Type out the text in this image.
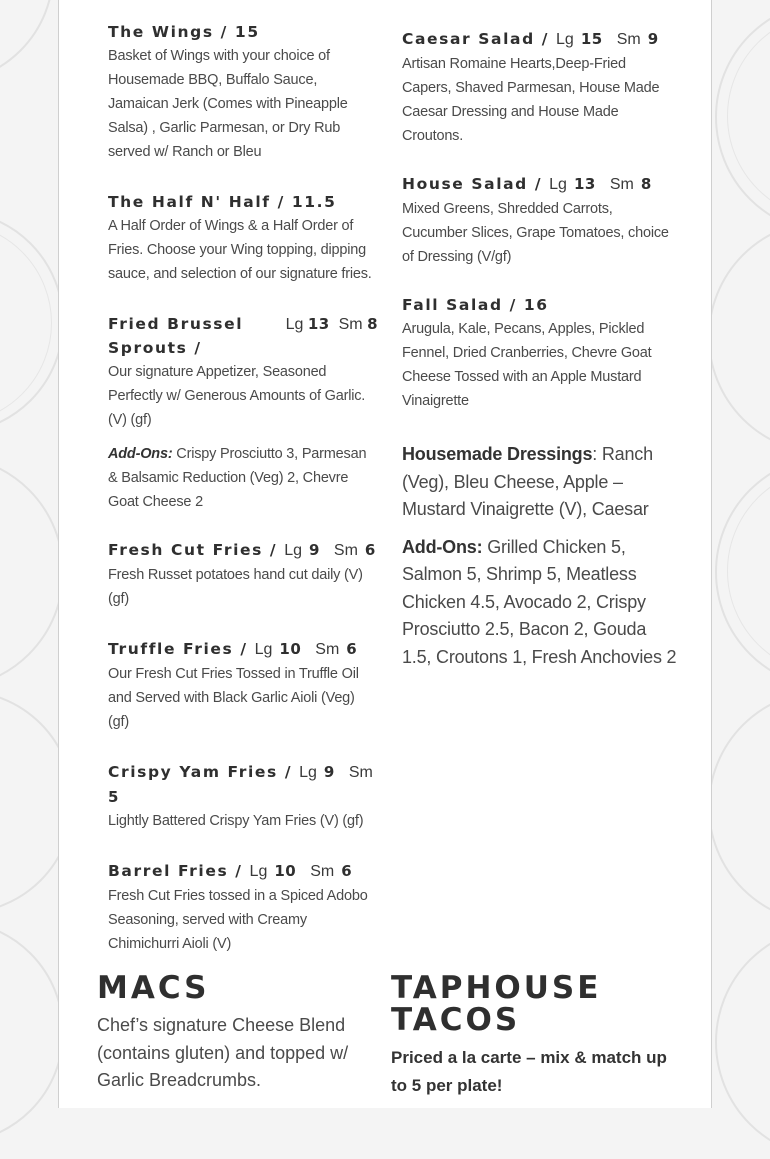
The Wings / 15
Basket of Wings with your choice of Housemade BBQ, Buffalo Sauce, Jamaican Jerk (Comes with Pineapple Salsa) , Garlic Parmesan, or Dry Rub served w/ Ranch or Bleu
The Half N' Half / 11.5
A Half Order of Wings & a Half Order of Fries. Choose your Wing topping, dipping sauce, and selection of our signature fries.
Fried Brussel Sprouts /
Lg 13 Sm 8
Our signature Appetizer, Seasoned Perfectly w/ Generous Amounts of Garlic. (V) (gf)
Add-Ons: Crispy Prosciutto 3, Parmesan & Balsamic Reduction (Veg) 2, Chevre Goat Cheese 2
Fresh Cut Fries / Lg 9 Sm 6
Fresh Russet potatoes hand cut daily (V) (gf)
Truffle Fries / Lg 10 Sm 6
Our Fresh Cut Fries Tossed in Truffle Oil and Served with Black Garlic Aioli (Veg) (gf)
Crispy Yam Fries / Lg 9 Sm 5
Lightly Battered Crispy Yam Fries (V) (gf)
Barrel Fries / Lg 10 Sm 6
Fresh Cut Fries tossed in a Spiced Adobo Seasoning, served with Creamy Chimichurri Aioli (V)
Caesar Salad / Lg 15 Sm 9
Artisan Romaine Hearts,Deep-Fried Capers, Shaved Parmesan, House Made Caesar Dressing and House Made Croutons.
House Salad / Lg 13 Sm 8
Mixed Greens, Shredded Carrots, Cucumber Slices, Grape Tomatoes, choice of Dressing (V/gf)
Fall Salad / 16
Arugula, Kale, Pecans, Apples, Pickled Fennel, Dried Cranberries, Chevre Goat Cheese Tossed with an Apple Mustard Vinaigrette
Housemade Dressings: Ranch (Veg), Bleu Cheese, Apple – Mustard Vinaigrette (V), Caesar
Add-Ons: Grilled Chicken 5, Salmon 5, Shrimp 5, Meatless Chicken 4.5, Avocado 2, Crispy Prosciutto 2.5, Bacon 2, Gouda 1.5, Croutons 1, Fresh Anchovies 2
MACS
Chef’s signature Cheese Blend (contains gluten) and topped w/ Garlic Breadcrumbs.
TAPHOUSE
TACOS
Priced a la carte – mix & match up to 5 per plate!
